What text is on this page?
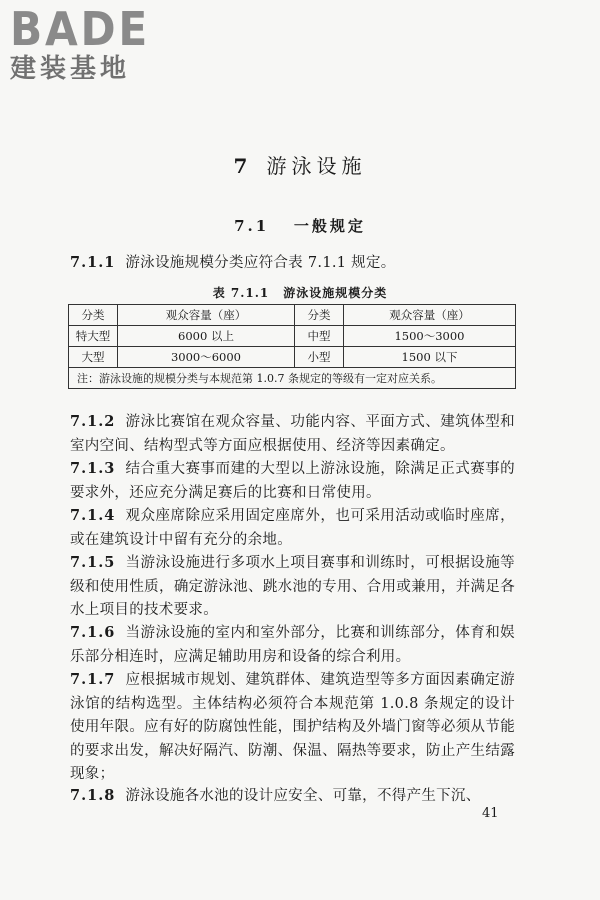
BADE
建装基地
7 游泳设施
7.1 一般规定

7.1.1 游泳设施规模分类应符合表 7.1.1 规定。

表 7.1.1 游泳设施规模分类
分类	观众容量（座）	分类	观众容量（座）
特大型	6000 以上	中型	1500～3000
大型	3000～6000	小型	1500 以下
注：游泳设施的规模分类与本规范第 1.0.7 条规定的等级有一定对应关系。			

7.1.2 游泳比赛馆在观众容量、功能内容、平面方式、建筑体型和室内空间、结构型式等方面应根据使用、经济等因素确定。

7.1.3 结合重大赛事而建的大型以上游泳设施，除满足正式赛事的要求外，还应充分满足赛后的比赛和日常使用。

7.1.4 观众座席除应采用固定座席外，也可采用活动或临时座席，或在建筑设计中留有充分的余地。

7.1.5 当游泳设施进行多项水上项目赛事和训练时，可根据设施等级和使用性质，确定游泳池、跳水池的专用、合用或兼用，并满足各水上项目的技术要求。

7.1.6 当游泳设施的室内和室外部分，比赛和训练部分，体育和娱乐部分相连时，应满足辅助用房和设备的综合利用。

7.1.7 应根据城市规划、建筑群体、建筑造型等多方面因素确定游泳馆的结构选型。主体结构必须符合本规范第 1.0.8 条规定的设计使用年限。应有好的防腐蚀性能，围护结构及外墙门窗等必须从节能的要求出发，解决好隔汽、防潮、保温、隔热等要求，防止产生结露现象；

7.1.8 游泳设施各水池的设计应安全、可靠，不得产生下沉、

41
